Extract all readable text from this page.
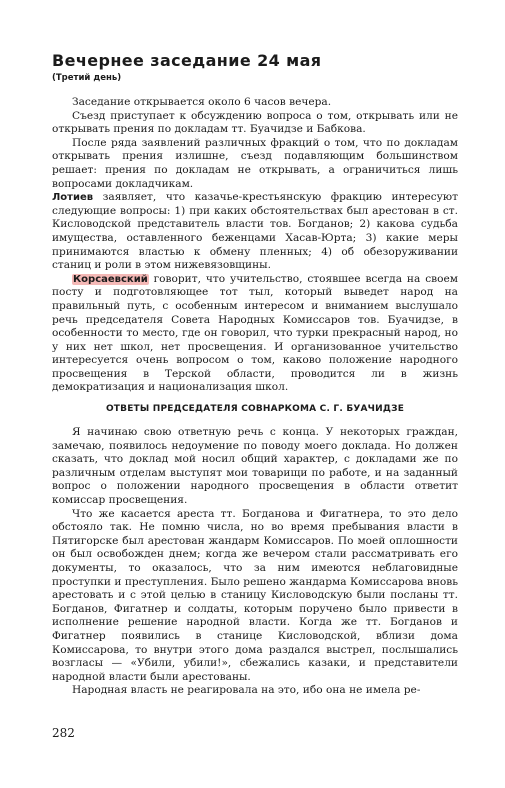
Вечернее заседание 24 мая
(Третий день)

Заседание открывается около 6 часов вечера.

Съезд приступает к обсуждению вопроса о том, открывать или не открывать прения по докладам тт. Буачидзе и Бабкова.

После ряда заявлений различных фракций о том, что по докладам открывать прения излишне, съезд подавляющим большинством решает: прения по докладам не открывать, а ограничиться лишь вопросами докладчикам.

Лотиев заявляет, что казачье-крестьянскую фракцию интересуют следующие вопросы: 1) при каких обстоятельствах был арестован в ст. Кисловодской представитель власти тов. Богданов; 2) какова судьба имущества, оставленного беженцами Хасав-Юрта; 3) какие меры принимаются властью к обмену пленных; 4) об обезоруживании станиц и роли в этом нижевязовщины.

Корсаевский говорит, что учительство, стоявшее всегда на своем посту и подготовляющее тот тыл, который выведет народ на правильный путь, с особенным интересом и вниманием выслушало речь председателя Совета Народных Комиссаров тов. Буачидзе, в особенности то место, где он говорил, что турки прекрасный народ, но у них нет школ, нет просвещения. И организованное учительство интересуется очень вопросом о том, каково положение народного просвещения в Терской области, проводится ли в жизнь демократизация и национализация школ.

ОТВЕТЫ ПРЕДСЕДАТЕЛЯ СОВНАРКОМА С. Г. БУАЧИДЗЕ

Я начинаю свою ответную речь с конца. У некоторых граждан, замечаю, появилось недоумение по поводу моего доклада. Но должен сказать, что доклад мой носил общий характер, с докладами же по различным отделам выступят мои товарищи по работе, и на заданный вопрос о положении народного просвещения в области ответит комиссар просвещения.

Что же касается ареста тт. Богданова и Фигатнера, то это дело обстояло так. Не помню числа, но во время пребывания власти в Пятигорске был арестован жандарм Комиссаров. По моей оплошности он был освобожден днем; когда же вечером стали рассматривать его документы, то оказалось, что за ним имеются неблаговидные проступки и преступления. Было решено жандарма Комиссарова вновь арестовать и с этой целью в станицу Кисловодскую были посланы тт. Богданов, Фигатнер и солдаты, которым поручено было привести в исполнение решение народной власти. Когда же тт. Богданов и Фигатнер появились в станице Кисловодской, вблизи дома Комиссарова, то внутри этого дома раздался выстрел, послышались возгласы — «Убили, убили!», сбежались казаки, и представители народной власти были арестованы.

Народная власть не реагировала на это, ибо она не имела ре-

282
